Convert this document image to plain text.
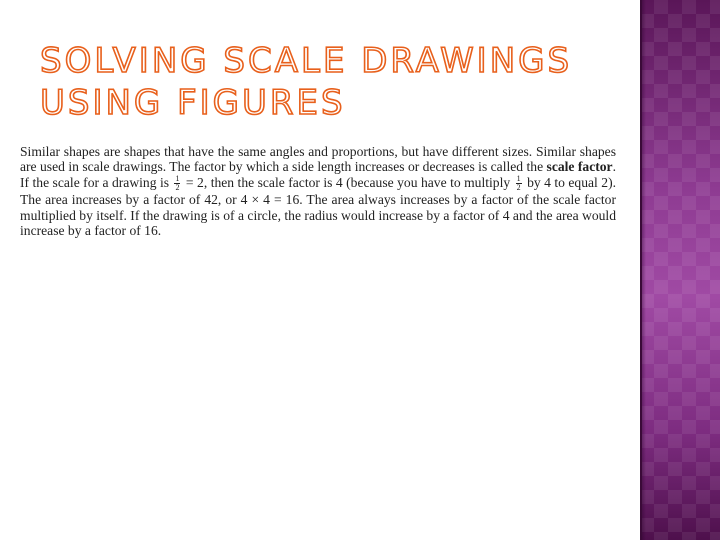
SOLVING SCALE DRAWINGS USING FIGURES

Similar shapes are shapes that have the same angles and proportions, but have different sizes. Similar shapes are used in scale drawings. The factor by which a side length increases or decreases is called the scale factor. If the scale for a drawing is $\frac{1}{2} = 2$, then the scale factor is 4 (because you have to multiply $\frac{1}{2}$ by 4 to equal 2). The area increases by a factor of 42, or 4 × 4 = 16. The area always increases by a factor of the scale factor multiplied by itself. If the drawing is of a circle, the radius would increase by a factor of 4 and the area would increase by a factor of 16.
